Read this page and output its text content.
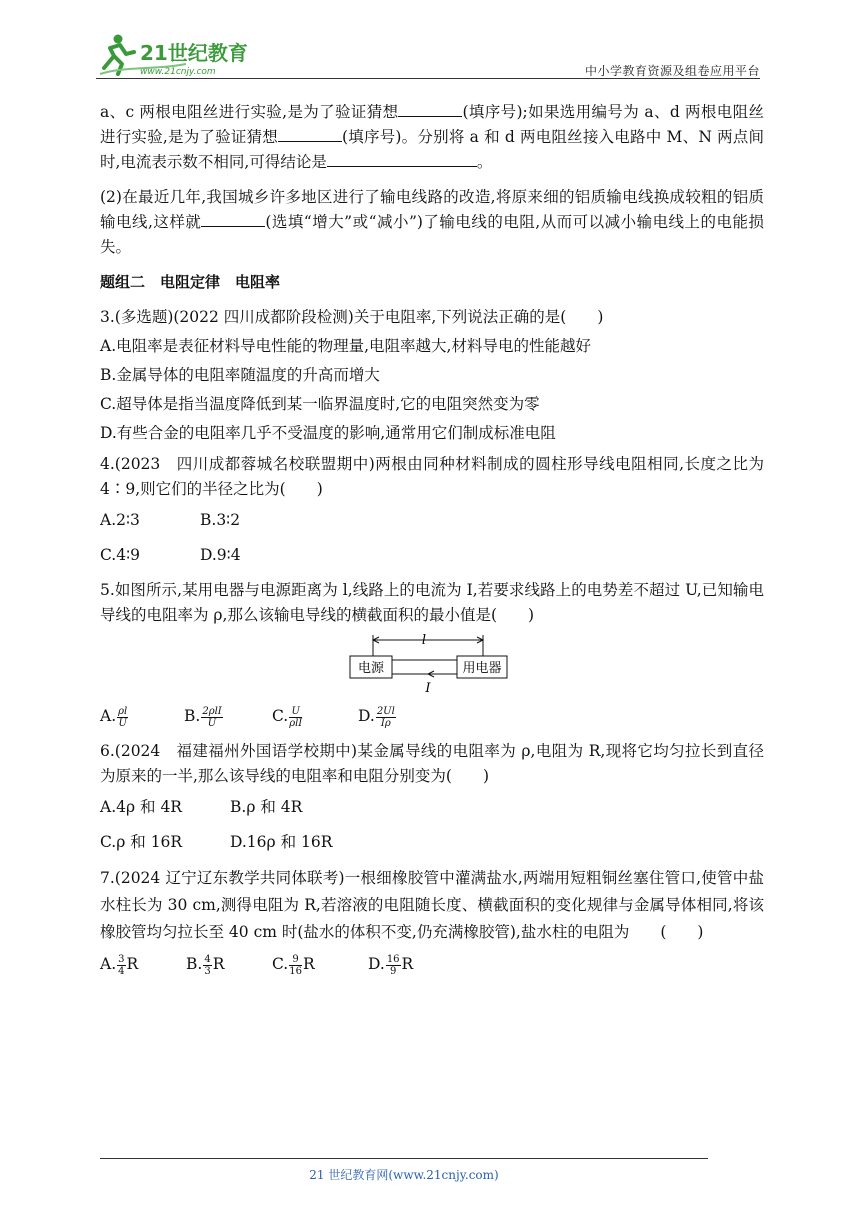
21世纪教育
www.21cnjy.com	中小学教育资源及组卷应用平台

a、c 两根电阻丝进行实验,是为了验证猜想	(填序号);如果选用编号为 a、d 两根电阻丝进行实验,是为了验证猜想	(填序号)。分别将 a 和 d 两电阻丝接入电路中 M、N 两点间时,电流表示数不相同,可得结论是	。

(2)在最近几年,我国城乡许多地区进行了输电线路的改造,将原来细的铝质输电线换成较粗的铝质输电线,这样就	(选填“增大”或“减小”)了输电线的电阻,从而可以减小输电线上的电能损失。

题组二　电阻定律　电阻率

3.(多选题)(2022 四川成都阶段检测)关于电阻率,下列说法正确的是(　　)

A.电阻率是表征材料导电性能的物理量,电阻率越大,材料导电的性能越好

B.金属导体的电阻率随温度的升高而增大

C.超导体是指当温度降低到某一临界温度时,它的电阻突然变为零

D.有些合金的电阻率几乎不受温度的影响,通常用它们制成标准电阻

4.(2023　四川成都蓉城名校联盟期中)两根由同种材料制成的圆柱形导线电阻相同,长度之比为 4∶9,则它们的半径之比为(　　)

A.2∶3	B.3∶2
C.4∶9	D.9∶4

5.如图所示,某用电器与电源距离为 l,线路上的电流为 I,若要求线路上的电势差不超过 U,已知输电导线的电阻率为 ρ,那么该输电导线的横截面积的最小值是(　　)

l
电源	用电器
I
A. $\frac{\rho l}{U}$	B. $\frac{\text{2ρlI}}{U}$	C. $\frac{U}{\text{ρlI}}$	D. $\frac{2Ul}{I\rho}$

6.(2024　福建福州外国语学校期中)某金属导线的电阻率为 ρ,电阻为 R,现将它均匀拉长到直径为原来的一半,那么该导线的电阻率和电阻分别变为(　　)

A.4ρ 和 4R	B.ρ 和 4R
C.ρ 和 16R	D.16ρ 和 16R

7.(2024 辽宁辽东教学共同体联考)一根细橡胶管中灌满盐水,两端用短粗铜丝塞住管口,使管中盐水柱长为 30 cm,测得电阻为 R,若溶液的电阻随长度、横截面积的变化规律与金属导体相同,将该橡胶管均匀拉长至 40 cm 时(盐水的体积不变,仍充满橡胶管),盐水柱的电阻为　　(　　)

A. $\frac{3}{4}$ R	B. $\frac{4}{3}$ R	C. $\frac{9}{16}$ R	D. $\frac{16}{9}$ R
21 世纪教育网(www.21cnjy.com)
